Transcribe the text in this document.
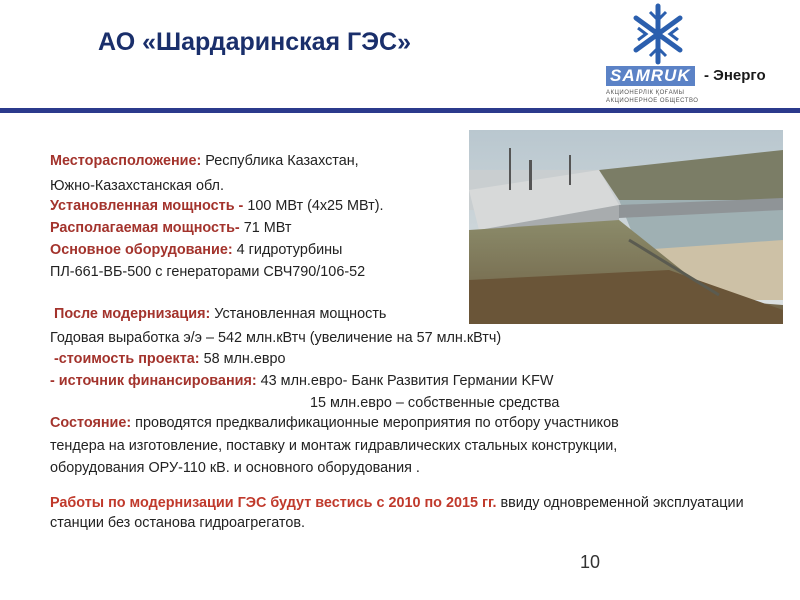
АО «Шардаринская ГЭС»
SAMRUK - Энерго
АКЦИОНЕРЛІК ҚОҒАМЫ
АКЦИОНЕРНОЕ ОБЩЕСТВО
Месторасположение: Республика Казахстан,
Южно-Казахстанская обл.
Установленная мощность - 100 МВт (4х25 МВт).
Располагаемая мощность- 71 МВт
Основное оборудование: 4 гидротурбины
ПЛ-661-ВБ-500 с генераторами СВЧ790/106-52
После модернизация: Установленная мощность
Годовая выработка э/э – 542 млн.кВтч (увеличение на 57 млн.кВтч)
-стоимость проекта: 58 млн.евро
- источник финансирования: 43 млн.евро- Банк Развития Германии KFW
15 млн.евро – собственные средства
Состояние: проводятся предквалификационные мероприятия по отбору участников
тендера на изготовление, поставку и монтаж гидравлических стальных конструкции,
оборудования ОРУ-110 кВ. и основного оборудования .
Работы по модернизации ГЭС будут вестись с 2010 по 2015 гг. ввиду одновременной эксплуатации станции без останова гидроагрегатов.
10
